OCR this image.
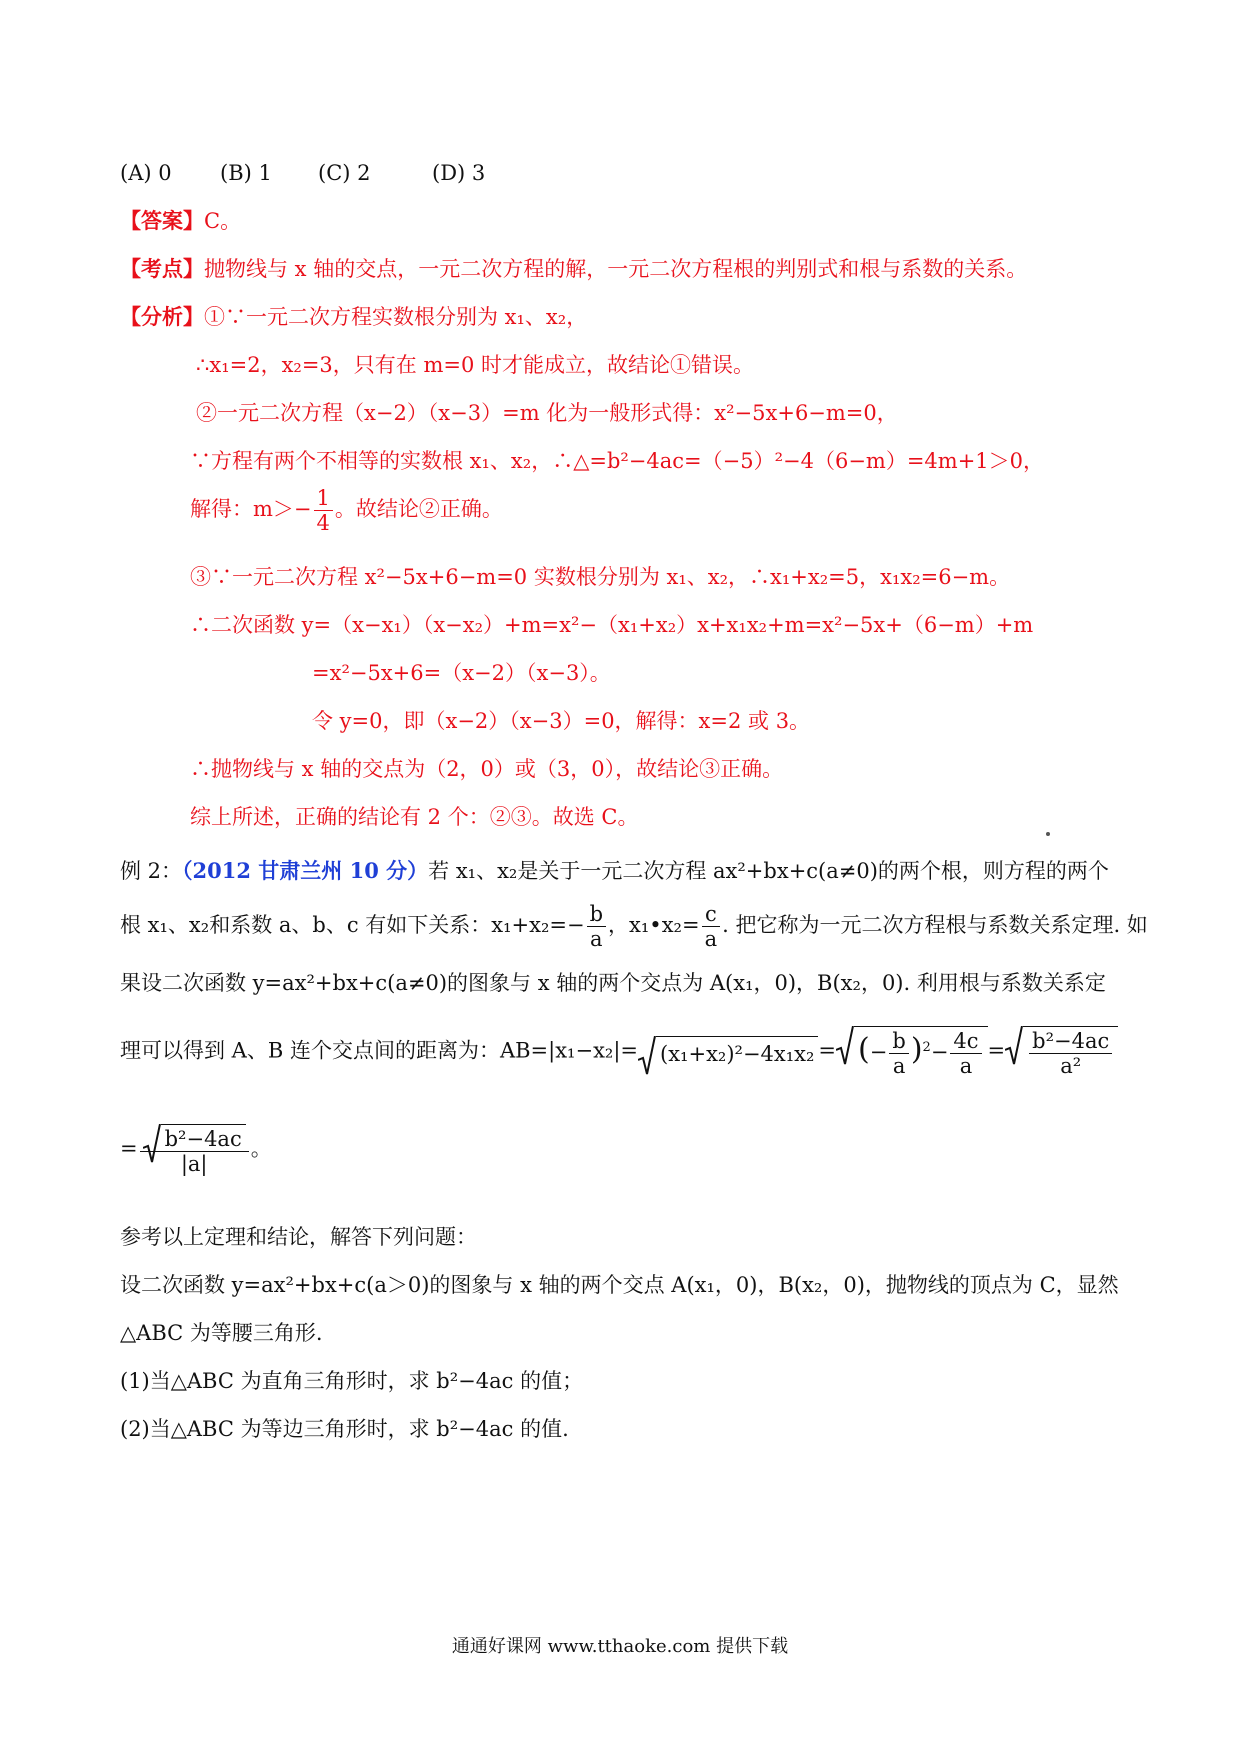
(A) 0 (B) 1 (C) 2	(D) 3
【答案】C。
【考点】抛物线与 x 轴的交点，一元二次方程的解，一元二次方程根的判别式和根与系数的关系。
【分析】①∵一元二次方程实数根分别为 x₁、x₂，
∴x₁=2，x₂=3，只有在 m=0 时才能成立，故结论①错误。
②一元二次方程（x−2）（x−3）=m 化为一般形式得：x²−5x+6−m=0，
∵方程有两个不相等的实数根 x₁、x₂，∴△=b²−4ac=（−5）²−4（6−m）=4m+1＞0，
解得：$m>- \frac{1}{4}$ 。故结论②正确。
③∵一元二次方程 x²−5x+6−m=0 实数根分别为 x₁、x₂，∴x₁+x₂=5，x₁x₂=6−m。
∴二次函数 y=（x−x₁）（x−x₂）+m=x²−（x₁+x₂）x+x₁x₂+m=x²−5x+（6−m）+m
=x²−5x+6=（x−2）（x−3）。
令 y=0，即（x−2）（x−3）=0，解得：x=2 或 3。
∴抛物线与 x 轴的交点为（2，0）或（3，0），故结论③正确。
综上所述，正确的结论有 2 个：②③。故选 C。
例 2：（2012 甘肃兰州 10 分）若 x₁、x₂是关于一元二次方程 ax²+bx+c(a≠0)的两个根，则方程的两个
根 x₁、x₂和系数 a、b、c 有如下关系：$x_1+x_2=- \frac{b}{a}$ ，x₁•x₂= $\frac{c}{a}$ . 把它称为一元二次方程根与系数关系定理. 如
果设二次函数 y=ax²+bx+c(a≠0)的图象与 x 轴的两个交点为 A(x₁，0)，B(x₂，0). 利用根与系数关系定
理可以得到 A、B 连个交点间的距离为：AB=|x₁−x₂|= (x₁+x₂)²−4x₁x₂ = (− $\frac{b}{a} )^2- \frac{4c}{a} = \frac{\text{b²−4ac}}{\text{a²}}$
= $\frac{\text{b²−4ac}}{|a|}$ 。
参考以上定理和结论，解答下列问题：
设二次函数 y=ax²+bx+c(a＞0)的图象与 x 轴的两个交点 A(x₁，0)，B(x₂，0)，抛物线的顶点为 C，显然
△ABC 为等腰三角形.
(1)当△ABC 为直角三角形时，求 b²−4ac 的值；
(2)当△ABC 为等边三角形时，求 b²−4ac 的值.
通通好课网 www.tthaoke.com 提供下载
